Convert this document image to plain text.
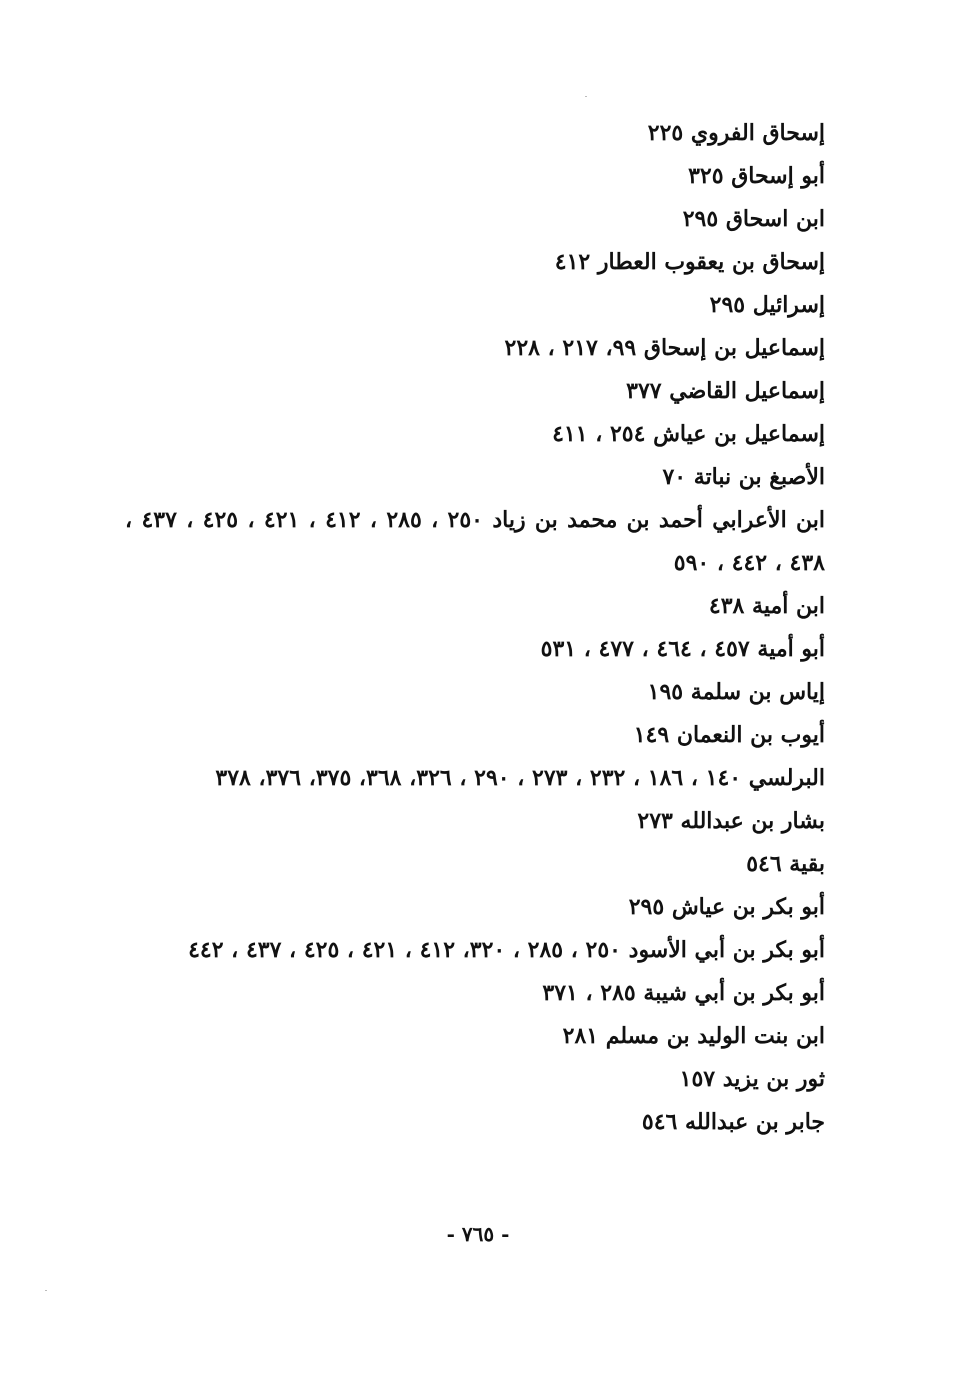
إسحاق الفروي ٢٢٥

أبو إسحاق ٣٢٥

ابن اسحاق ٢٩٥

إسحاق بن يعقوب العطار ٤١٢

إسرائيل ٢٩٥

إسماعيل بن إسحاق ٩٩، ٢١٧ ، ٢٢٨

إسماعيل القاضي ٣٧٧

إسماعيل بن عياش ٢٥٤ ، ٤١١

الأصبغ بن نباتة ٧٠

ابن الأعرابي أحمد بن محمد بن زياد ٢٥٠ ، ٢٨٥ ، ٤١٢ ، ٤٢١ ، ٤٢٥ ، ٤٣٧ ، ٤٣٨ ، ٤٤٢ ، ٥٩٠

ابن أمية ٤٣٨

أبو أمية ٤٥٧ ، ٤٦٤ ، ٤٧٧ ، ٥٣١

إياس بن سلمة ١٩٥

أيوب بن النعمان ١٤٩

البرلسي ١٤٠ ، ١٨٦ ، ٢٣٢ ، ٢٧٣ ، ٢٩٠ ، ٣٢٦، ٣٦٨، ٣٧٥، ٣٧٦، ٣٧٨

بشار بن عبدالله ٢٧٣

بقية ٥٤٦

أبو بكر بن عياش ٢٩٥

أبو بكر بن أبي الأسود ٢٥٠ ، ٢٨٥ ، ٣٢٠، ٤١٢ ، ٤٢١ ، ٤٢٥ ، ٤٣٧ ، ٤٤٢

أبو بكر بن أبي شيبة ٢٨٥ ، ٣٧١

ابن بنت الوليد بن مسلم ٢٨١

ثور بن يزيد ١٥٧

جابر بن عبدالله ٥٤٦

- ٧٦٥ -
